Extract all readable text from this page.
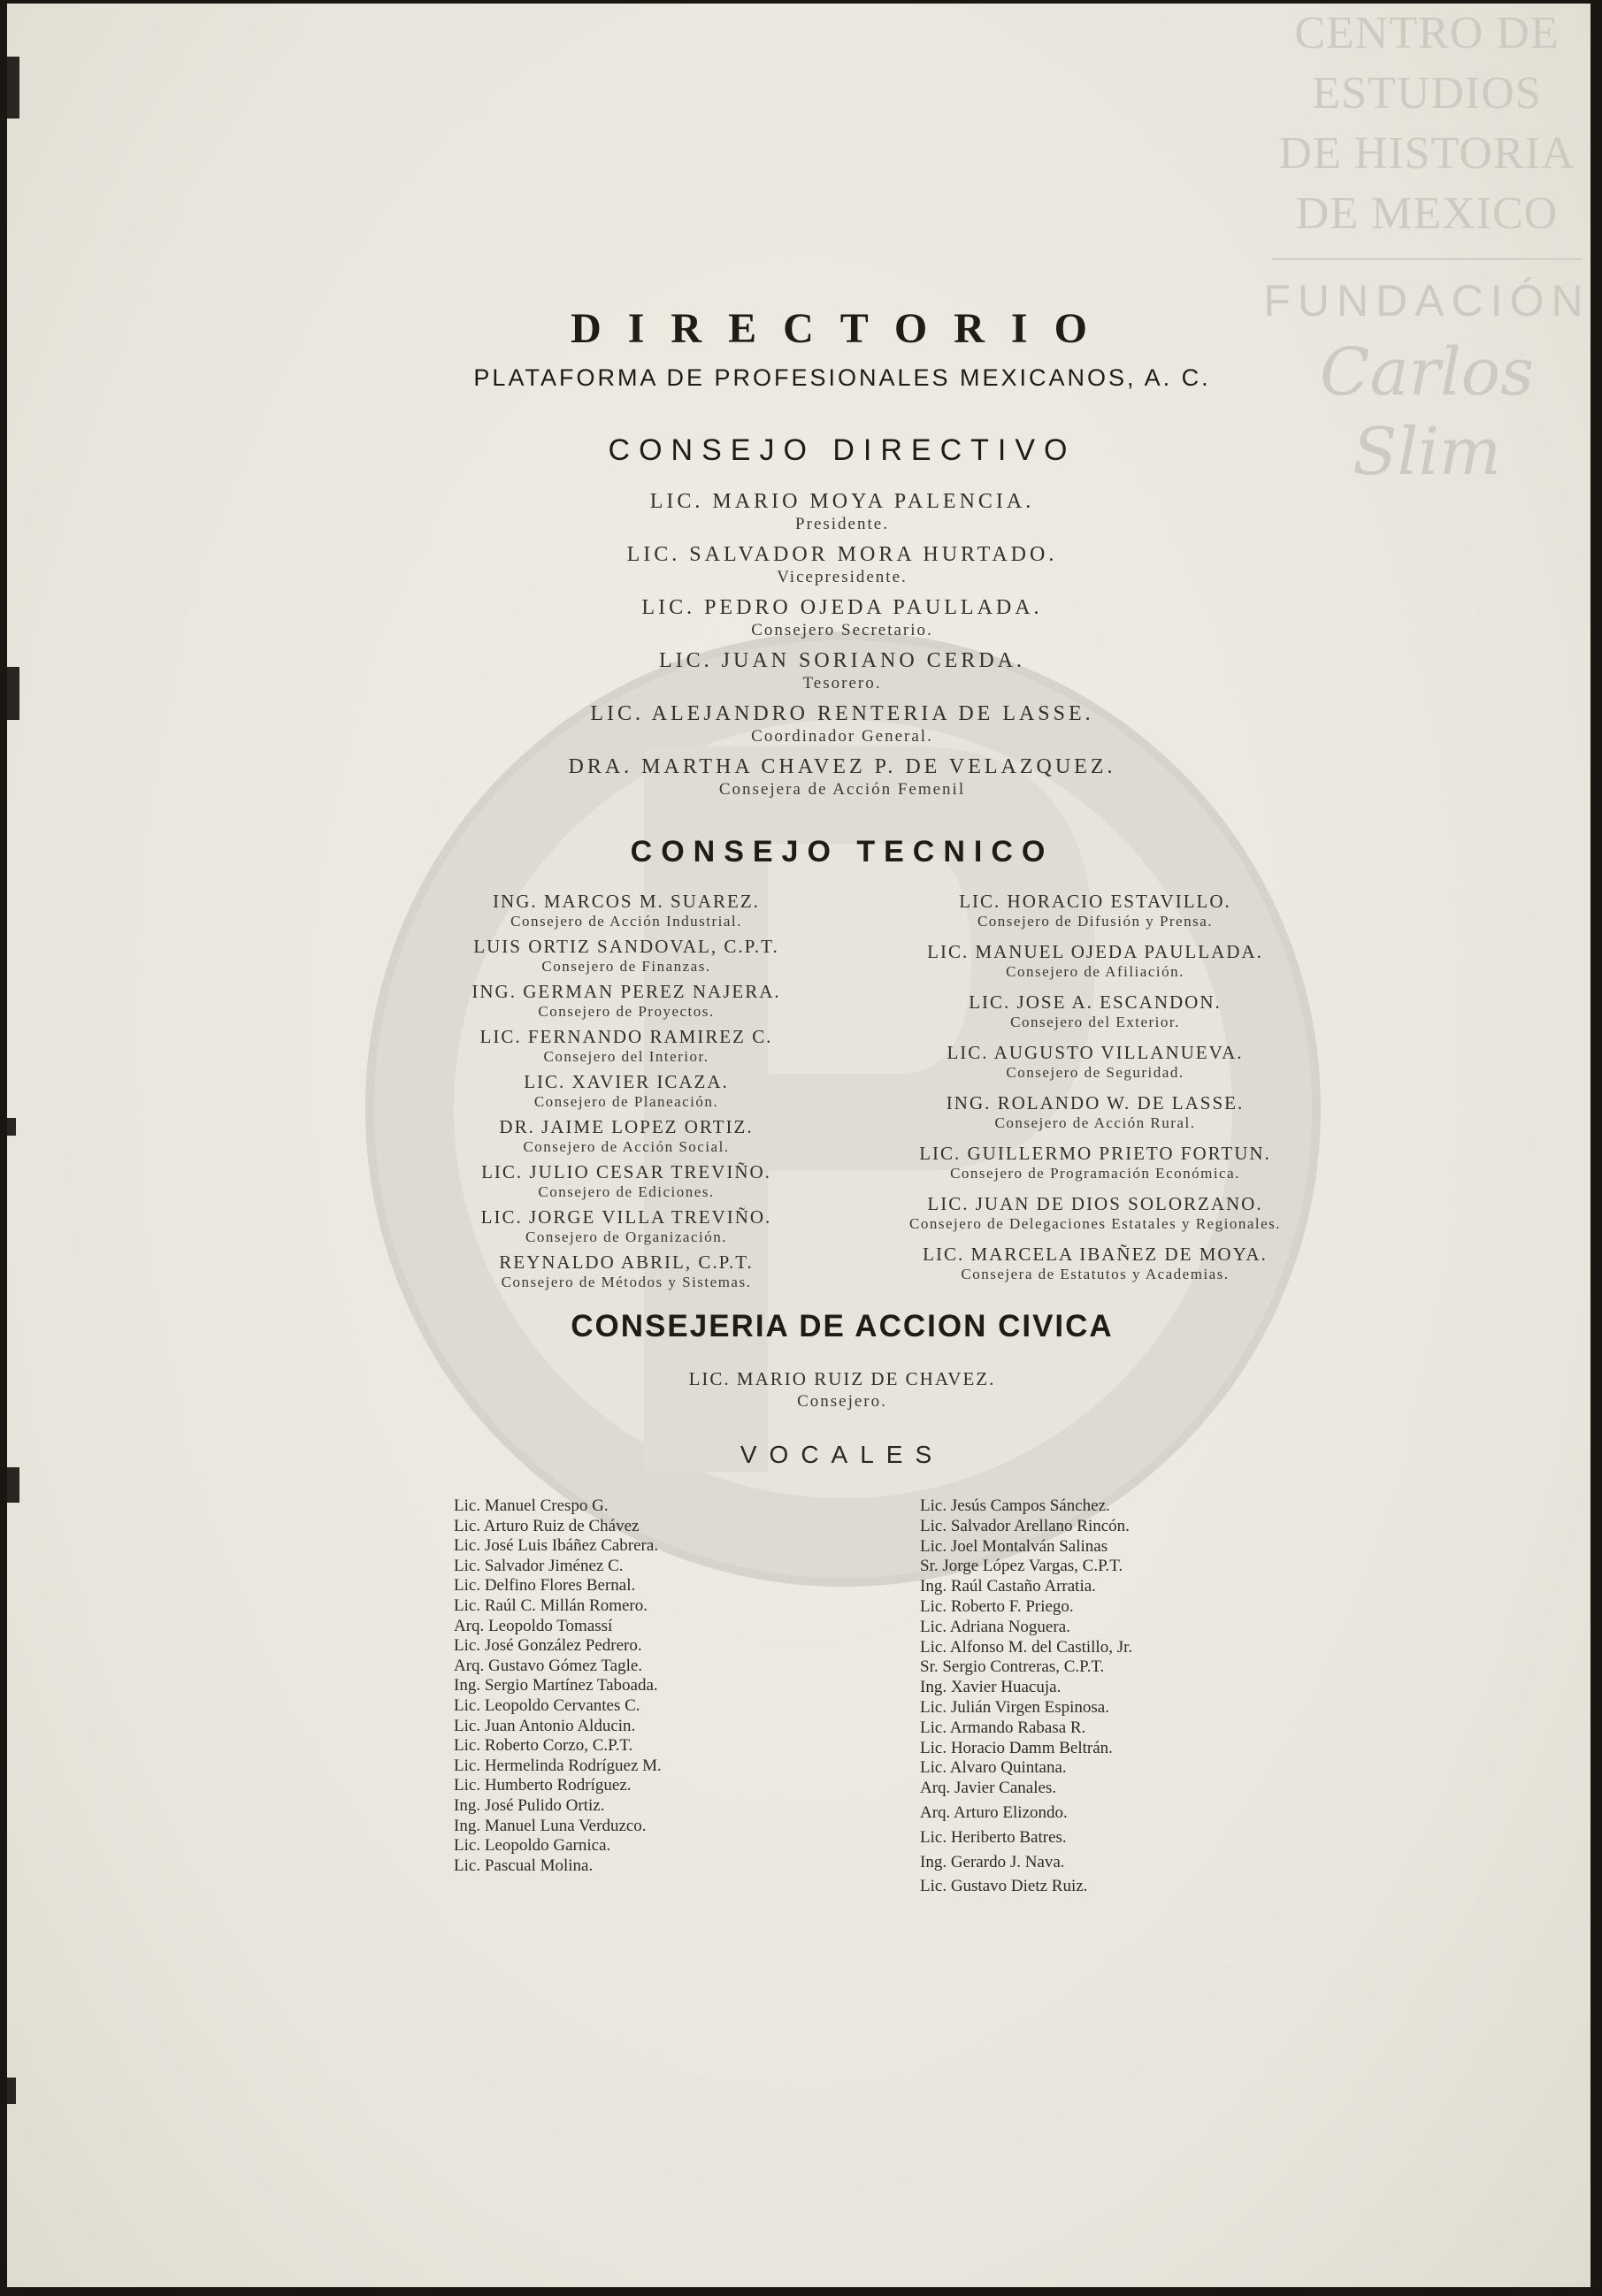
CENTRO DE
ESTUDIOS
DE HISTORIA
DE MEXICO
FUNDACIÓN
Carlos Slim
DIRECTORIO
PLATAFORMA DE PROFESIONALES MEXICANOS, A. C.
CONSEJO DIRECTIVO
LIC. MARIO MOYA PALENCIA.
Presidente.
LIC. SALVADOR MORA HURTADO.
Vicepresidente.
LIC. PEDRO OJEDA PAULLADA.
Consejero Secretario.
LIC. JUAN SORIANO CERDA.
Tesorero.
LIC. ALEJANDRO RENTERIA DE LASSE.
Coordinador General.
DRA. MARTHA CHAVEZ P. DE VELAZQUEZ.
Consejera de Acción Femenil
CONSEJO TECNICO
ING. MARCOS M. SUAREZ.
Consejero de Acción Industrial.
LUIS ORTIZ SANDOVAL, C.P.T.
Consejero de Finanzas.
ING. GERMAN PEREZ NAJERA.
Consejero de Proyectos.
LIC. FERNANDO RAMIREZ C.
Consejero del Interior.
LIC. XAVIER ICAZA.
Consejero de Planeación.
DR. JAIME LOPEZ ORTIZ.
Consejero de Acción Social.
LIC. JULIO CESAR TREVIÑO.
Consejero de Ediciones.
LIC. JORGE VILLA TREVIÑO.
Consejero de Organización.
REYNALDO ABRIL, C.P.T.
Consejero de Métodos y Sistemas.
LIC. HORACIO ESTAVILLO.
Consejero de Difusión y Prensa.
LIC. MANUEL OJEDA PAULLADA.
Consejero de Afiliación.
LIC. JOSE A. ESCANDON.
Consejero del Exterior.
LIC. AUGUSTO VILLANUEVA.
Consejero de Seguridad.
ING. ROLANDO W. DE LASSE.
Consejero de Acción Rural.
LIC. GUILLERMO PRIETO FORTUN.
Consejero de Programación Económica.
LIC. JUAN DE DIOS SOLORZANO.
Consejero de Delegaciones Estatales y Regionales.
LIC. MARCELA IBAÑEZ DE MOYA.
Consejera de Estatutos y Academias.
CONSEJERIA DE ACCION CIVICA
LIC. MARIO RUIZ DE CHAVEZ.
Consejero.
VOCALES
Lic. Manuel Crespo G.
Lic. Arturo Ruiz de Chávez
Lic. José Luis Ibáñez Cabrera.
Lic. Salvador Jiménez C.
Lic. Delfino Flores Bernal.
Lic. Raúl C. Millán Romero.
Arq. Leopoldo Tomassí
Lic. José González Pedrero.
Arq. Gustavo Gómez Tagle.
Ing. Sergio Martínez Taboada.
Lic. Leopoldo Cervantes C.
Lic. Juan Antonio Alducin.
Lic. Roberto Corzo, C.P.T.
Lic. Hermelinda Rodríguez M.
Lic. Humberto Rodríguez.
Ing. José Pulido Ortiz.
Ing. Manuel Luna Verduzco.
Lic. Leopoldo Garnica.
Lic. Pascual Molina.
Lic. Jesús Campos Sánchez.
Lic. Salvador Arellano Rincón.
Lic. Joel Montalván Salinas
Sr. Jorge López Vargas, C.P.T.
Ing. Raúl Castaño Arratia.
Lic. Roberto F. Priego.
Lic. Adriana Noguera.
Lic. Alfonso M. del Castillo, Jr.
Sr. Sergio Contreras, C.P.T.
Ing. Xavier Huacuja.
Lic. Julián Virgen Espinosa.
Lic. Armando Rabasa R.
Lic. Horacio Damm Beltrán.
Lic. Alvaro Quintana.
Arq. Javier Canales.
Arq. Arturo Elizondo.
Lic. Heriberto Batres.
Ing. Gerardo J. Nava.
Lic. Gustavo Dietz Ruiz.
